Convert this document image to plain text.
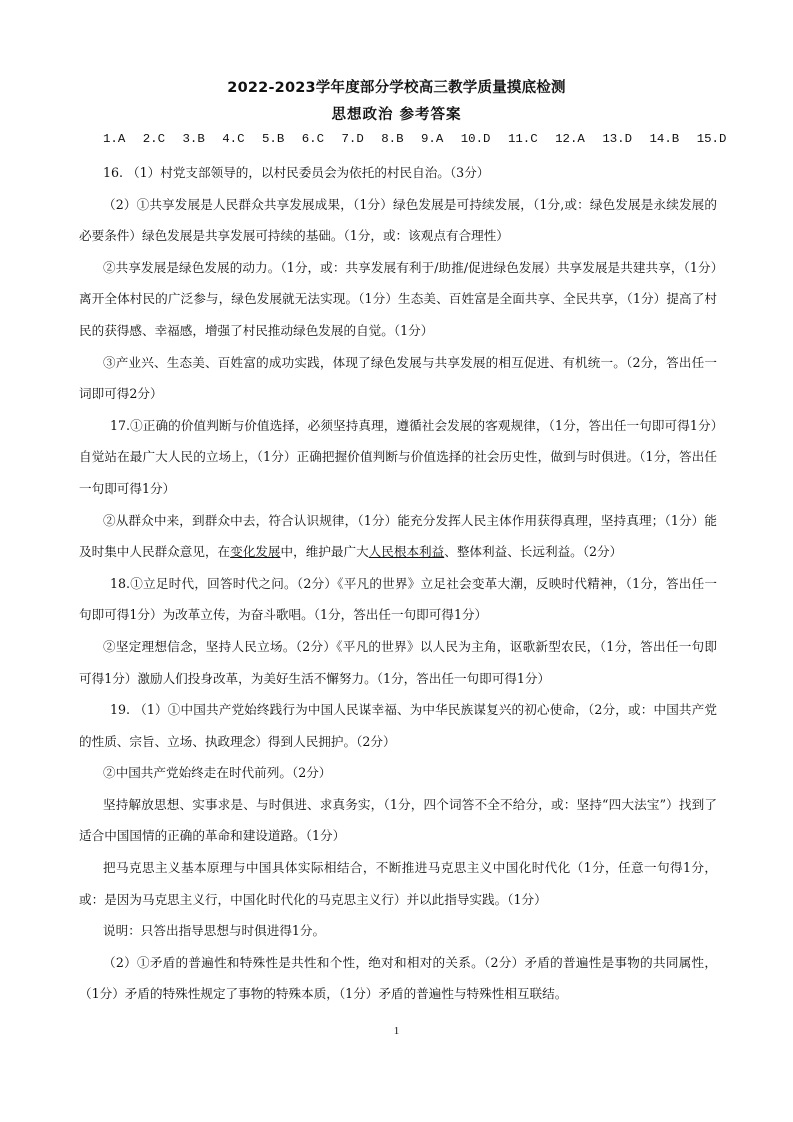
2022-2023学年度部分学校高三教学质量摸底检测
思想政治 参考答案
1.A 2.C 3.B 4.C 5.B 6.C 7.D 8.B 9.A 10.D 11.C 12.A 13.D 14.B 15.D

16. （1）村党支部领导的，以村民委员会为依托的村民自治。（3分）

（2）①共享发展是人民群众共享发展成果，（1分）绿色发展是可持续发展，（1分,或：绿色发展是永续发展的必要条件）绿色发展是共享发展可持续的基础。（1分，或：该观点有合理性）

②共享发展是绿色发展的动力。（1分，或：共享发展有利于/助推/促进绿色发展）共享发展是共建共享，（1分）离开全体村民的广泛参与，绿色发展就无法实现。（1分）生态美、百姓富是全面共享、全民共享，（1分）提高了村民的获得感、幸福感，增强了村民推动绿色发展的自觉。（1分）

③产业兴、生态美、百姓富的成功实践，体现了绿色发展与共享发展的相互促进、有机统一。（2分，答出任一词即可得2分）

17.①正确的价值判断与价值选择，必须坚持真理，遵循社会发展的客观规律，（1分，答出任一句即可得1分）自觉站在最广大人民的立场上，（1分）正确把握价值判断与价值选择的社会历史性，做到与时俱进。（1分，答出任一句即可得1分）

②从群众中来，到群众中去，符合认识规律，（1分）能充分发挥人民主体作用获得真理，坚持真理；（1分）能及时集中人民群众意见，在变化发展中，维护最广大人民根本利益、整体利益、长远利益。（2分）

18.①立足时代，回答时代之问。（2分）《平凡的世界》立足社会变革大潮，反映时代精神，（1分，答出任一句即可得1分）为改革立传，为奋斗歌唱。（1分，答出任一句即可得1分）

②坚定理想信念，坚持人民立场。（2分）《平凡的世界》以人民为主角，讴歌新型农民，（1分，答出任一句即可得1分）激励人们投身改革，为美好生活不懈努力。（1分，答出任一句即可得1分）

19. （1）①中国共产党始终践行为中国人民谋幸福、为中华民族谋复兴的初心使命，（2分，或：中国共产党的性质、宗旨、立场、执政理念）得到人民拥护。（2分）

②中国共产党始终走在时代前列。（2分）

坚持解放思想、实事求是、与时俱进、求真务实，（1分，四个词答不全不给分，或：坚持“四大法宝”）找到了适合中国国情的正确的革命和建设道路。（1分）

把马克思主义基本原理与中国具体实际相结合，不断推进马克思主义中国化时代化（1分，任意一句得1分，或：是因为马克思主义行，中国化时代化的马克思主义行）并以此指导实践。（1分）

说明：只答出指导思想与时俱进得1分。

（2）①矛盾的普遍性和特殊性是共性和个性，绝对和相对的关系。（2分）矛盾的普遍性是事物的共同属性，（1分）矛盾的特殊性规定了事物的特殊本质，（1分）矛盾的普遍性与特殊性相互联结。

1
